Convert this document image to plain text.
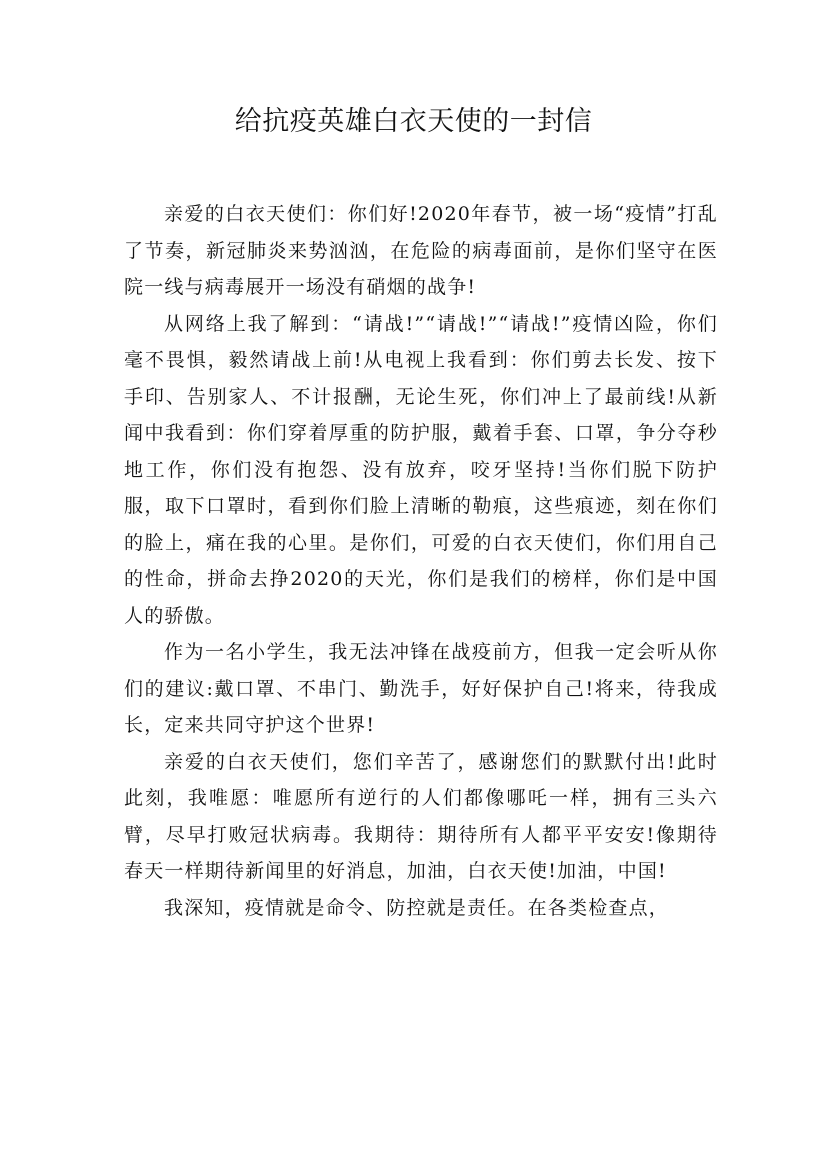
给抗疫英雄白衣天使的一封信

亲爱的白衣天使们：你们好!2020年春节，被一场“疫情”打乱了节奏，新冠肺炎来势汹汹，在危险的病毒面前，是你们坚守在医院一线与病毒展开一场没有硝烟的战争!

从网络上我了解到：“请战!”“请战!”“请战!”疫情凶险，你们毫不畏惧，毅然请战上前!从电视上我看到：你们剪去长发、按下手印、告别家人、不计报酬，无论生死，你们冲上了最前线!从新闻中我看到：你们穿着厚重的防护服，戴着手套、口罩，争分夺秒地工作，你们没有抱怨、没有放弃，咬牙坚持!当你们脱下防护服，取下口罩时，看到你们脸上清晰的勒痕，这些痕迹，刻在你们的脸上，痛在我的心里。是你们，可爱的白衣天使们，你们用自己的性命，拼命去挣2020的天光，你们是我们的榜样，你们是中国人的骄傲。

作为一名小学生，我无法冲锋在战疫前方，但我一定会听从你们的建议:戴口罩、不串门、勤洗手，好好保护自己!将来，待我成长，定来共同守护这个世界!

亲爱的白衣天使们，您们辛苦了，感谢您们的默默付出!此时此刻，我唯愿：唯愿所有逆行的人们都像哪吒一样，拥有三头六臂，尽早打败冠状病毒。我期待：期待所有人都平平安安!像期待春天一样期待新闻里的好消息，加油，白衣天使!加油，中国!

我深知，疫情就是命令、防控就是责任。在各类检查点，
